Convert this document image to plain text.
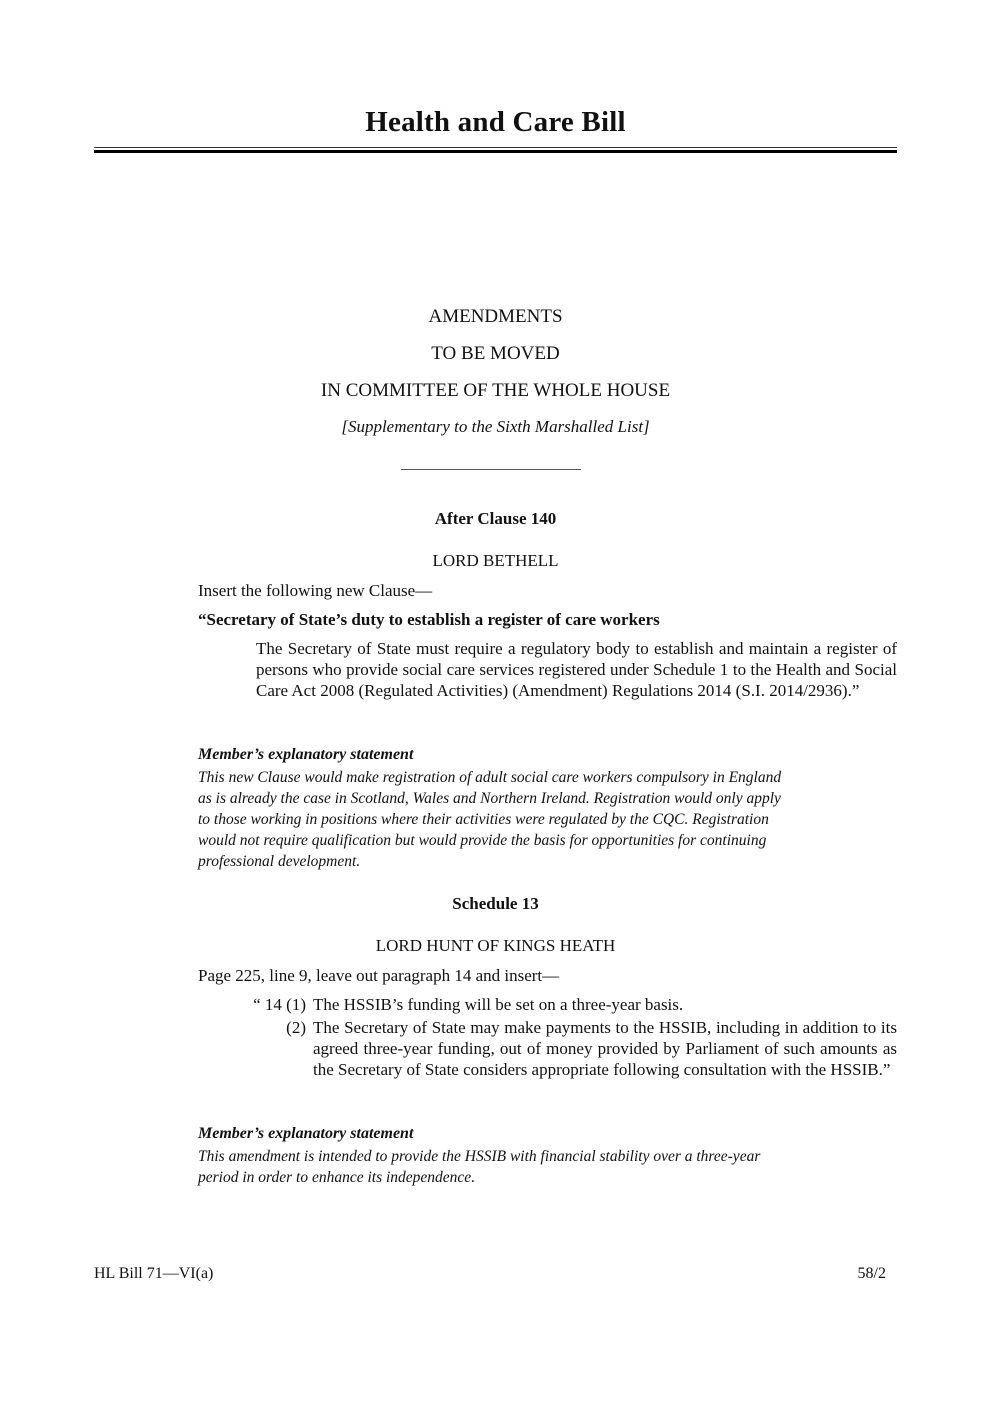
Health and Care Bill
AMENDMENTS
TO BE MOVED
IN COMMITTEE OF THE WHOLE HOUSE
[Supplementary to the Sixth Marshalled List]
After Clause 140
LORD BETHELL
Insert the following new Clause—
“Secretary of State’s duty to establish a register of care workers
The Secretary of State must require a regulatory body to establish and maintain a register of persons who provide social care services registered under Schedule 1 to the Health and Social Care Act 2008 (Regulated Activities) (Amendment) Regulations 2014 (S.I. 2014/2936).”
Member’s explanatory statement
This new Clause would make registration of adult social care workers compulsory in England
as is already the case in Scotland, Wales and Northern Ireland. Registration would only apply
to those working in positions where their activities were regulated by the CQC. Registration
would not require qualification but would provide the basis for opportunities for continuing
professional development.
Schedule 13
LORD HUNT OF KINGS HEATH
Page 225, line 9, leave out paragraph 14 and insert—
“ 14 (1) The HSSIB’s funding will be set on a three-year basis.
(2) The Secretary of State may make payments to the HSSIB, including in addition to its agreed three-year funding, out of money provided by Parliament of such amounts as the Secretary of State considers appropriate following consultation with the HSSIB.”
Member’s explanatory statement
This amendment is intended to provide the HSSIB with financial stability over a three-year
period in order to enhance its independence.
HL Bill 71—VI(a)	58/2
